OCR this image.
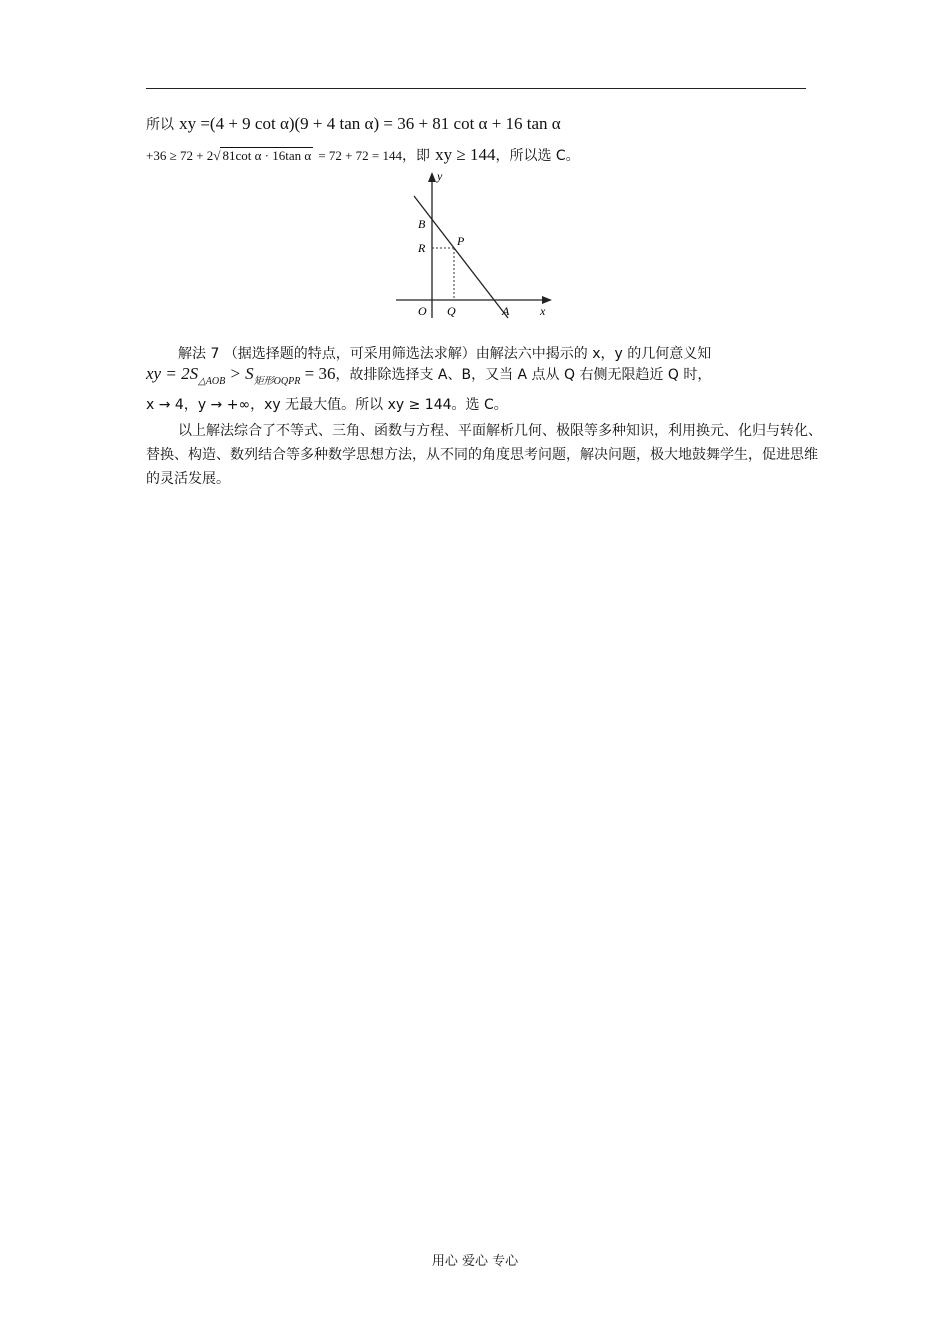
所以 xy =(4 + 9 cot α)(9 + 4 tan α) = 36 + 81 cot α + 16 tan α
+36 ≥ 72 + 2√ 81cot α · 16tan α = 72 + 72 = 144，即 xy ≥ 144，所以选 C。
y
x
B
R	P
O Q	A
解法 7 （据选择题的特点，可采用筛选法求解）由解法六中揭示的 x，y 的几何意义知
xy = $2S_{\triangle AOB} > S_{矩形OQPR} = 36$，故排除选择支 A、B，又当 A 点从 Q 右侧无限趋近 Q 时，
x → 4，y → +∞，xy 无最大值。所以 xy ≥ 144。选 C。
以上解法综合了不等式、三角、函数与方程、平面解析几何、极限等多种知识，利用换元、化归与转化、替换、构造、数列结合等多种数学思想方法，从不同的角度思考问题，解决问题，极大地鼓舞学生，促进思维的灵活发展。
用心 爱心 专心
